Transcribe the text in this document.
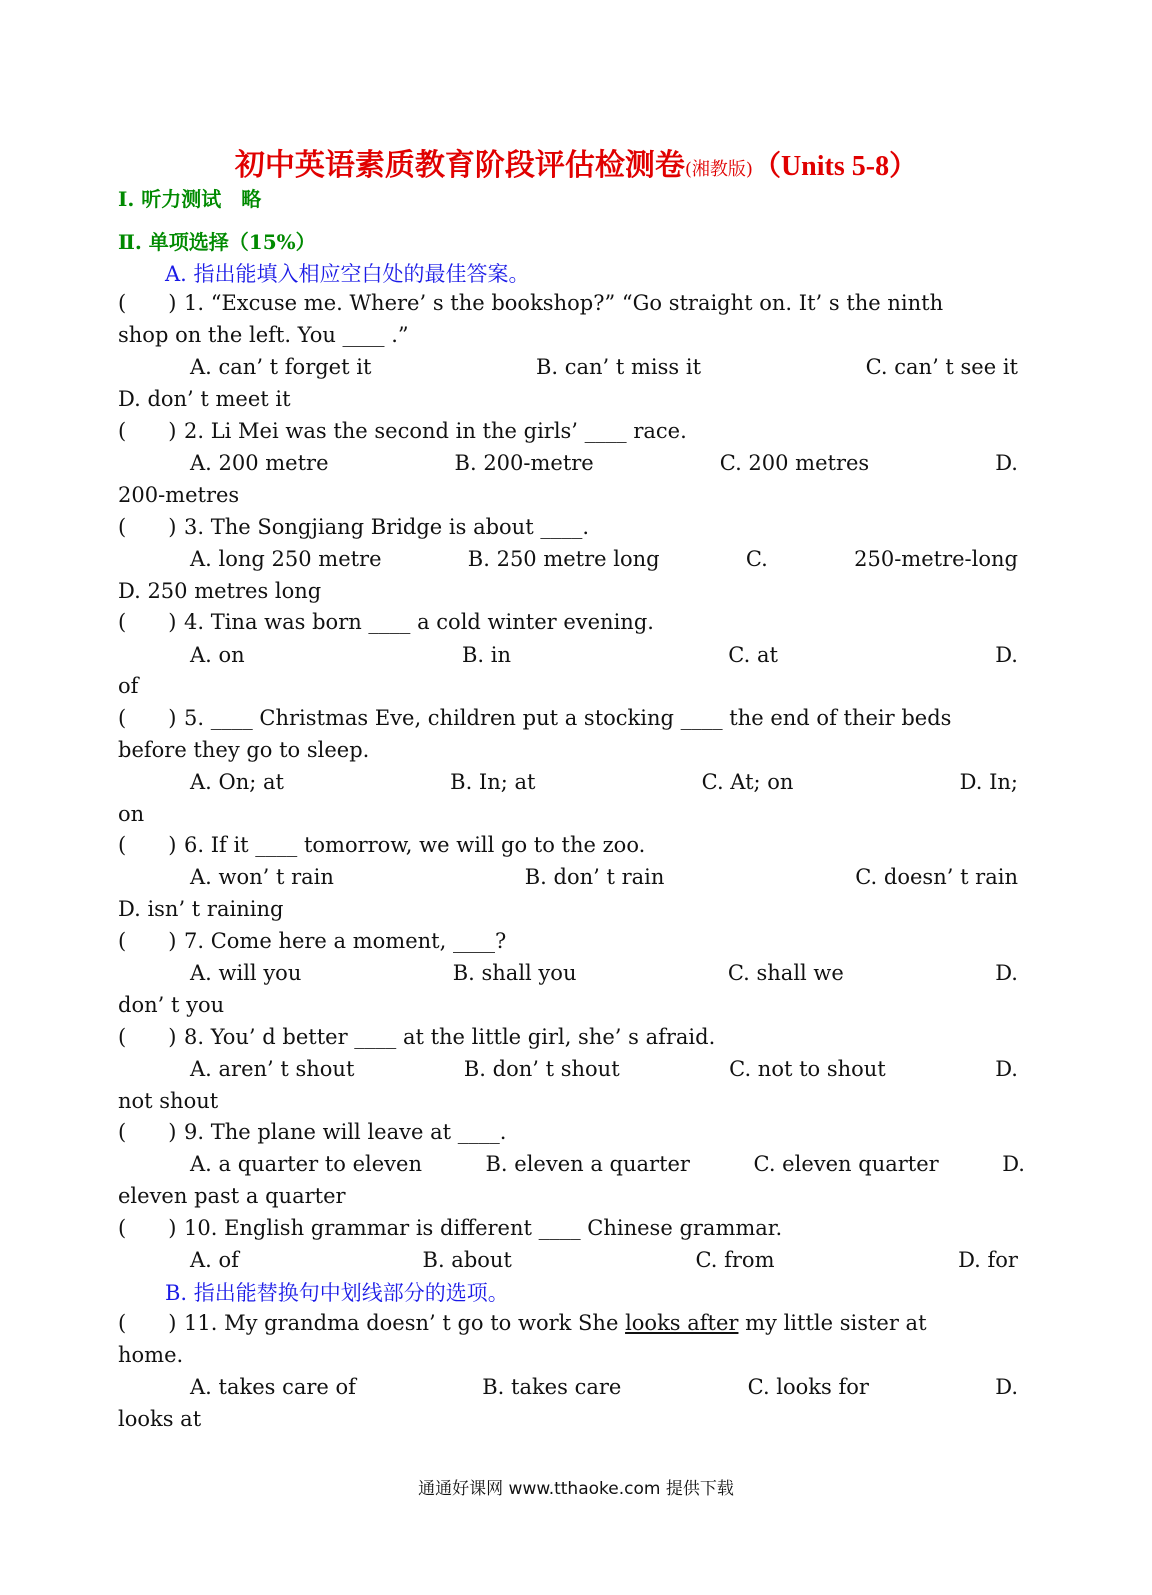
初中英语素质教育阶段评估检测卷(湘教版)（Units 5-8）
Ⅰ. 听力测试　略
Ⅱ. 单项选择（15%）
A. 指出能填入相应空白处的最佳答案。
(　　) 1. “Excuse me. Where’ s the bookshop?” “Go straight on. It’ s the ninth
shop on the left. You ____ .”
A. can’ t forget it	B. can’ t miss it	C. can’ t see it
D. don’ t meet it
(　　) 2. Li Mei was the second in the girls’ ____ race.
A. 200 metre	B. 200-metre	C. 200 metres	D.
200-metres
(　　) 3. The Songjiang Bridge is about ____.
A. long 250 metre	B. 250 metre long	C.	250-metre-long
D. 250 metres long
(　　) 4. Tina was born ____ a cold winter evening.
A. on	B. in	C. at	D.
of
(　　) 5. ____ Christmas Eve, children put a stocking ____ the end of their beds
before they go to sleep.
A. On; at	B. In; at	C. At; on	D. In;
on
(　　) 6. If it ____ tomorrow, we will go to the zoo.
A. won’ t rain	B. don’ t rain	C. doesn’ t rain
D. isn’ t raining
(　　) 7. Come here a moment, ____?
A. will you	B. shall you	C. shall we	D.
don’ t you
(　　) 8. You’ d better ____ at the little girl, she’ s afraid.
A. aren’ t shout	B. don’ t shout	C. not to shout	D.
not shout
(　　) 9. The plane will leave at ____.
A. a quarter to eleven	B. eleven a quarter	C. eleven quarter	D.
eleven past a quarter
(　　) 10. English grammar is different ____ Chinese grammar.
A. of	B. about	C. from	D. for
B. 指出能替换句中划线部分的选项。
(　　) 11. My grandma doesn’ t go to work She looks after my little sister at
home.
A. takes care of	B. takes care	C. looks for	D.
looks at
通通好课网 www.tthaoke.com 提供下载
